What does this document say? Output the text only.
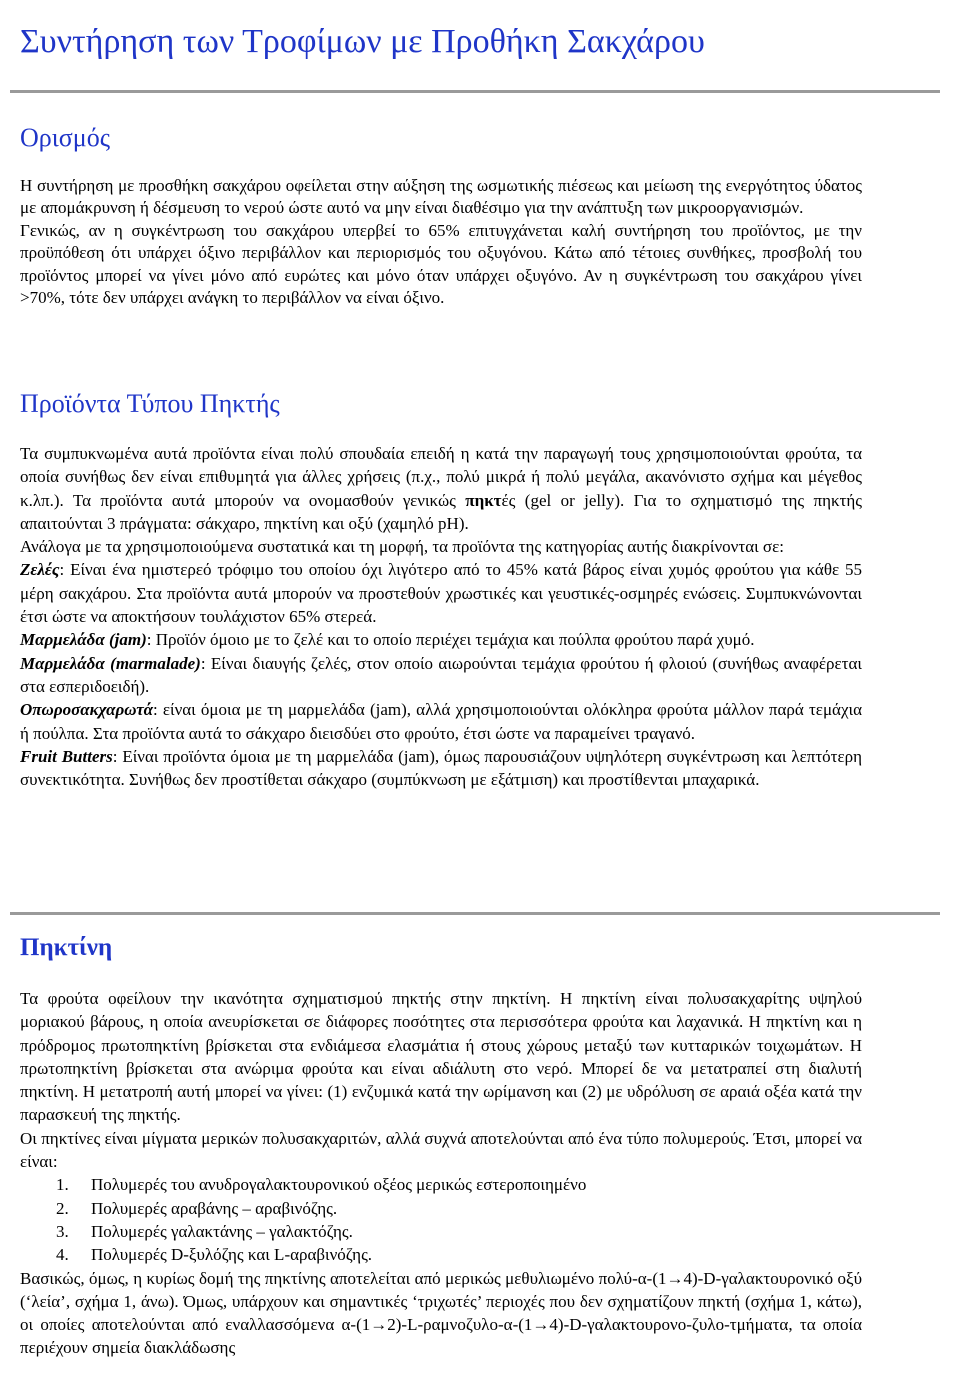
Συντήρηση των Τροφίμων με Προθήκη Σακχάρου
Ορισμός

Η συντήρηση με προσθήκη σακχάρου οφείλεται στην αύξηση της ωσμωτικής πιέσεως και μείωση της ενεργότητος ύδατος με απομάκρυνση ή δέσμευση το νερού ώστε αυτό να μην είναι διαθέσιμο για την ανάπτυξη των μικροοργανισμών.

Γενικώς, αν η συγκέντρωση του σακχάρου υπερβεί το 65% επιτυγχάνεται καλή συντήρηση του προϊόντος, με την προϋπόθεση ότι υπάρχει όξινο περιβάλλον και περιορισμός του οξυγόνου. Κάτω από τέτοιες συνθήκες, προσβολή του προϊόντος μπορεί να γίνει μόνο από ευρώτες και μόνο όταν υπάρχει οξυγόνο. Αν η συγκέντρωση του σακχάρου γίνει >70%, τότε δεν υπάρχει ανάγκη το περιβάλλον να είναι όξινο.

Προϊόντα Τύπου Πηκτής

Τα συμπυκνωμένα αυτά προϊόντα είναι πολύ σπουδαία επειδή η κατά την παραγωγή τους χρησιμοποιούνται φρούτα, τα οποία συνήθως δεν είναι επιθυμητά για άλλες χρήσεις (π.χ., πολύ μικρά ή πολύ μεγάλα, ακανόνιστο σχήμα και μέγεθος κ.λπ.). Τα προϊόντα αυτά μπορούν να ονομασθούν γενικώς πηκτές (gel or jelly). Για το σχηματισμό της πηκτής απαιτούνται 3 πράγματα: σάκχαρο, πηκτίνη και οξύ (χαμηλό pH).

Ανάλογα με τα χρησιμοποιούμενα συστατικά και τη μορφή, τα προϊόντα της κατηγορίας αυτής διακρίνονται σε:

Ζελές: Είναι ένα ημιστερεό τρόφιμο του οποίου όχι λιγότερο από το 45% κατά βάρος είναι χυμός φρούτου για κάθε 55 μέρη σακχάρου. Στα προϊόντα αυτά μπορούν να προστεθούν χρωστικές και γευστικές-οσμηρές ενώσεις. Συμπυκνώνονται έτσι ώστε να αποκτήσουν τουλάχιστον 65% στερεά.

Μαρμελάδα (jam): Προϊόν όμοιο με το ζελέ και το οποίο περιέχει τεμάχια και πούλπα φρούτου παρά χυμό.

Μαρμελάδα (marmalade): Είναι διαυγής ζελές, στον οποίο αιωρούνται τεμάχια φρούτου ή φλοιού (συνήθως αναφέρεται στα εσπεριδοειδή).

Οπωροσακχαρωτά: είναι όμοια με τη μαρμελάδα (jam), αλλά χρησιμοποιούνται ολόκληρα φρούτα μάλλον παρά τεμάχια ή πούλπα. Στα προϊόντα αυτά το σάκχαρο διεισδύει στο φρούτο, έτσι ώστε να παραμείνει τραγανό.

Fruit Butters: Είναι προϊόντα όμοια με τη μαρμελάδα (jam), όμως παρουσιάζουν υψηλότερη συγκέντρωση και λεπτότερη συνεκτικότητα. Συνήθως δεν προστίθεται σάκχαρο (συμπύκνωση με εξάτμιση) και προστίθενται μπαχαρικά.

Πηκτίνη

Τα φρούτα οφείλουν την ικανότητα σχηματισμού πηκτής στην πηκτίνη. Η πηκτίνη είναι πολυσακχαρίτης υψηλού μοριακού βάρους, η οποία ανευρίσκεται σε διάφορες ποσότητες στα περισσότερα φρούτα και λαχανικά. Η πηκτίνη και η πρόδρομος πρωτοπηκτίνη βρίσκεται στα ενδιάμεσα ελασμάτια ή στους χώρους μεταξύ των κυτταρικών τοιχωμάτων. Η πρωτοπηκτίνη βρίσκεται στα ανώριμα φρούτα και είναι αδιάλυτη στο νερό. Μπορεί δε να μετατραπεί στη διαλυτή πηκτίνη. Η μετατροπή αυτή μπορεί να γίνει: (1) ενζυμικά κατά την ωρίμανση και (2) με υδρόλυση σε αραιά οξέα κατά την παρασκευή της πηκτής.

Οι πηκτίνες είναι μίγματα μερικών πολυσακχαριτών, αλλά συχνά αποτελούνται από ένα τύπο πολυμερούς. Έτσι, μπορεί να είναι:

1. Πολυμερές του ανυδρογαλακτουρονικού οξέος μερικώς εστεροποιημένο
2. Πολυμερές αραβάνης – αραβινόζης.
3. Πολυμερές γαλακτάνης – γαλακτόζης.
4. Πολυμερές D-ξυλόζης και L-αραβινόζης.

Βασικώς, όμως, η κυρίως δομή της πηκτίνης αποτελείται από μερικώς μεθυλιωμένο πολύ-α-(1→4)-D-γαλακτουρονικό οξύ (‘λεία’, σχήμα 1, άνω). Όμως, υπάρχουν και σημαντικές ‘τριχωτές’ περιοχές που δεν σχηματίζουν πηκτή (σχήμα 1, κάτω), οι οποίες αποτελούνται από εναλλασσόμενα α-(1→2)-L-ραμνοζυλο-α-(1→4)-D-γαλακτουρονο-ζυλο-τμήματα, τα οποία περιέχουν σημεία διακλάδωσης
